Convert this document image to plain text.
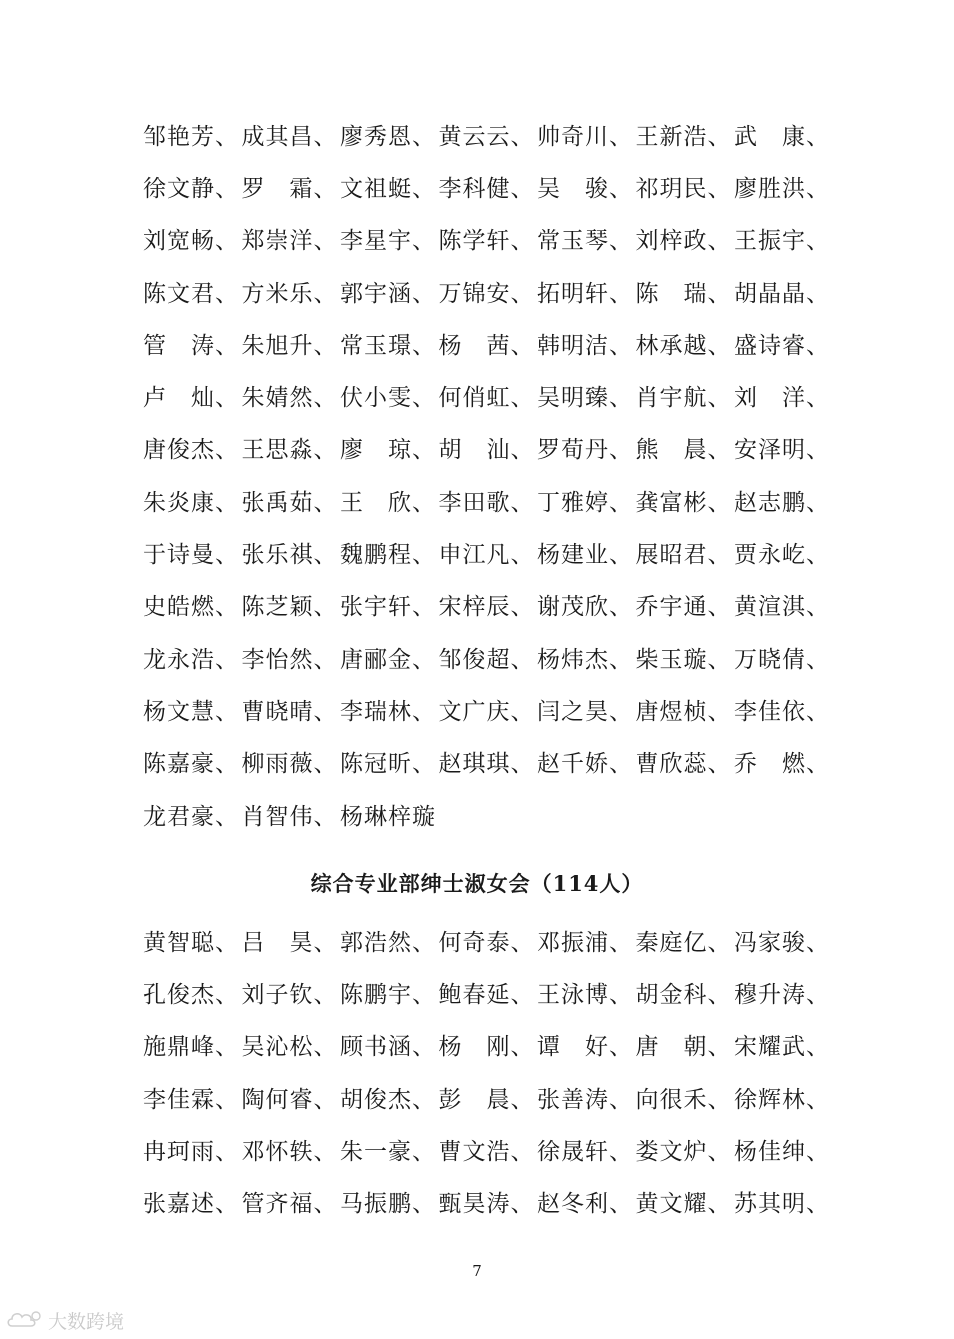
邹艳芳、 成其昌、 廖秀恩、 黄云云、 帅奇川、 王新浩、 武　康、
徐文静、 罗　霜、 文祖蜓、 李科健、 吴　骏、 祁玥民、 廖胜洪、
刘宽畅、 郑崇洋、 李星宇、 陈学轩、 常玉琴、 刘梓政、 王振宇、
陈文君、 方米乐、 郭宇涵、 万锦安、 拓明轩、 陈　瑞、 胡晶晶、
管　涛、 朱旭升、 常玉璟、 杨　茜、 韩明洁、 林承越、 盛诗睿、
卢　灿、 朱婧然、 伏小雯、 何俏虹、 吴明臻、 肖宇航、 刘　洋、
唐俊杰、 王思淼、 廖　琼、 胡　汕、 罗荀丹、 熊　晨、 安泽明、
朱炎康、 张禹茹、 王　欣、 李田歌、 丁雅婷、 龚富彬、 赵志鹏、
于诗曼、 张乐祺、 魏鹏程、 申江凡、 杨建业、 展昭君、 贾永屹、
史皓燃、 陈芝颖、 张宇轩、 宋梓辰、 谢茂欣、 乔宇通、 黄渲淇、
龙永浩、 李怡然、 唐郦金、 邹俊超、 杨炜杰、 柴玉璇、 万晓倩、
杨文慧、 曹晓晴、 李瑞林、 文广庆、 闫之昊、 唐煜桢、 李佳依、
陈嘉豪、 柳雨薇、 陈冠昕、 赵琪琪、 赵千娇、 曹欣蕊、 乔　燃、
龙君豪、 肖智伟、 杨琳梓璇
综合专业部绅士淑女会（114人）
黄智聪、 吕　昊、 郭浩然、 何奇泰、 邓振浦、 秦庭亿、 冯家骏、
孔俊杰、 刘子钦、 陈鹏宇、 鲍春延、 王泳博、 胡金科、 穆升涛、
施鼎峰、 吴沁松、 顾书涵、 杨　刚、 谭　好、 唐　朝、 宋耀武、
李佳霖、 陶何睿、 胡俊杰、 彭　晨、 张善涛、 向很禾、 徐辉林、
冉珂雨、 邓怀轶、 朱一豪、 曹文浩、 徐晟轩、 娄文炉、 杨佳绅、
张嘉述、 管齐福、 马振鹏、 甄昊涛、 赵冬利、 黄文耀、 苏其明、
7
大数跨境
